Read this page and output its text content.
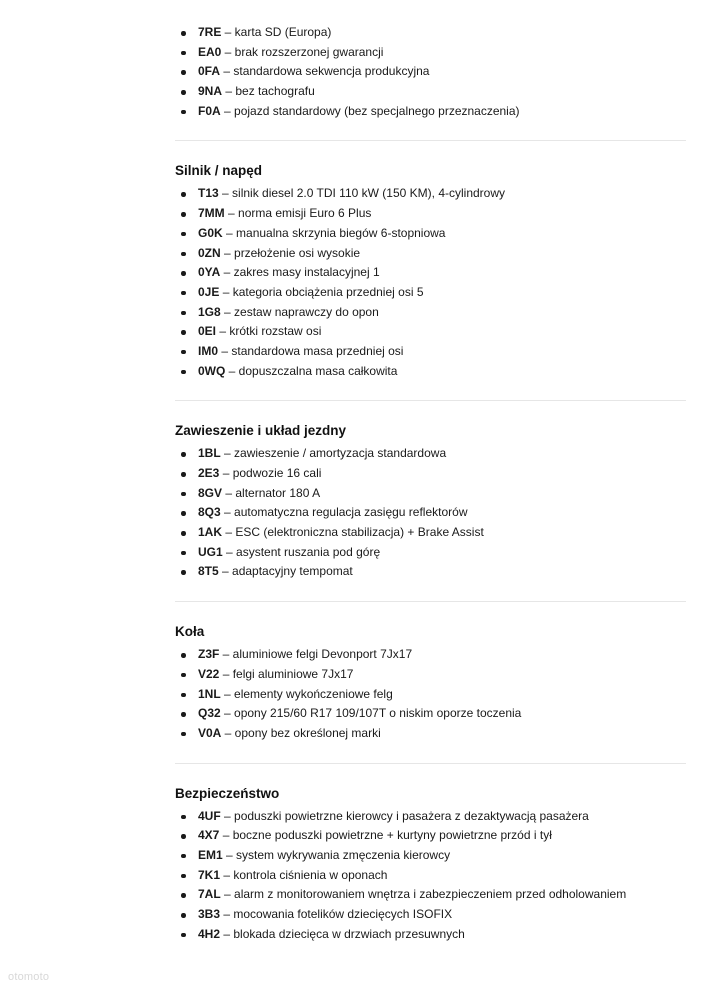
7RE – karta SD (Europa)
EA0 – brak rozszerzonej gwarancji
0FA – standardowa sekwencja produkcyjna
9NA – bez tachografu
F0A – pojazd standardowy (bez specjalnego przeznaczenia)
Silnik / napęd
T13 – silnik diesel 2.0 TDI 110 kW (150 KM), 4-cylindrowy
7MM – norma emisji Euro 6 Plus
G0K – manualna skrzynia biegów 6-stopniowa
0ZN – przełożenie osi wysokie
0YA – zakres masy instalacyjnej 1
0JE – kategoria obciążenia przedniej osi 5
1G8 – zestaw naprawczy do opon
0EI – krótki rozstaw osi
IM0 – standardowa masa przedniej osi
0WQ – dopuszczalna masa całkowita
Zawieszenie i układ jezdny
1BL – zawieszenie / amortyzacja standardowa
2E3 – podwozie 16 cali
8GV – alternator 180 A
8Q3 – automatyczna regulacja zasięgu reflektorów
1AK – ESC (elektroniczna stabilizacja) + Brake Assist
UG1 – asystent ruszania pod górę
8T5 – adaptacyjny tempomat
Koła
Z3F – aluminiowe felgi Devonport 7Jx17
V22 – felgi aluminiowe 7Jx17
1NL – elementy wykończeniowe felg
Q32 – opony 215/60 R17 109/107T o niskim oporze toczenia
V0A – opony bez określonej marki
Bezpieczeństwo
4UF – poduszki powietrzne kierowcy i pasażera z dezaktywacją pasażera
4X7 – boczne poduszki powietrzne + kurtyny powietrzne przód i tył
EM1 – system wykrywania zmęczenia kierowcy
7K1 – kontrola ciśnienia w oponach
7AL – alarm z monitorowaniem wnętrza i zabezpieczeniem przed odholowaniem
3B3 – mocowania fotelików dziecięcych ISOFIX
4H2 – blokada dziecięca w drzwiach przesuwnych
otomoto
